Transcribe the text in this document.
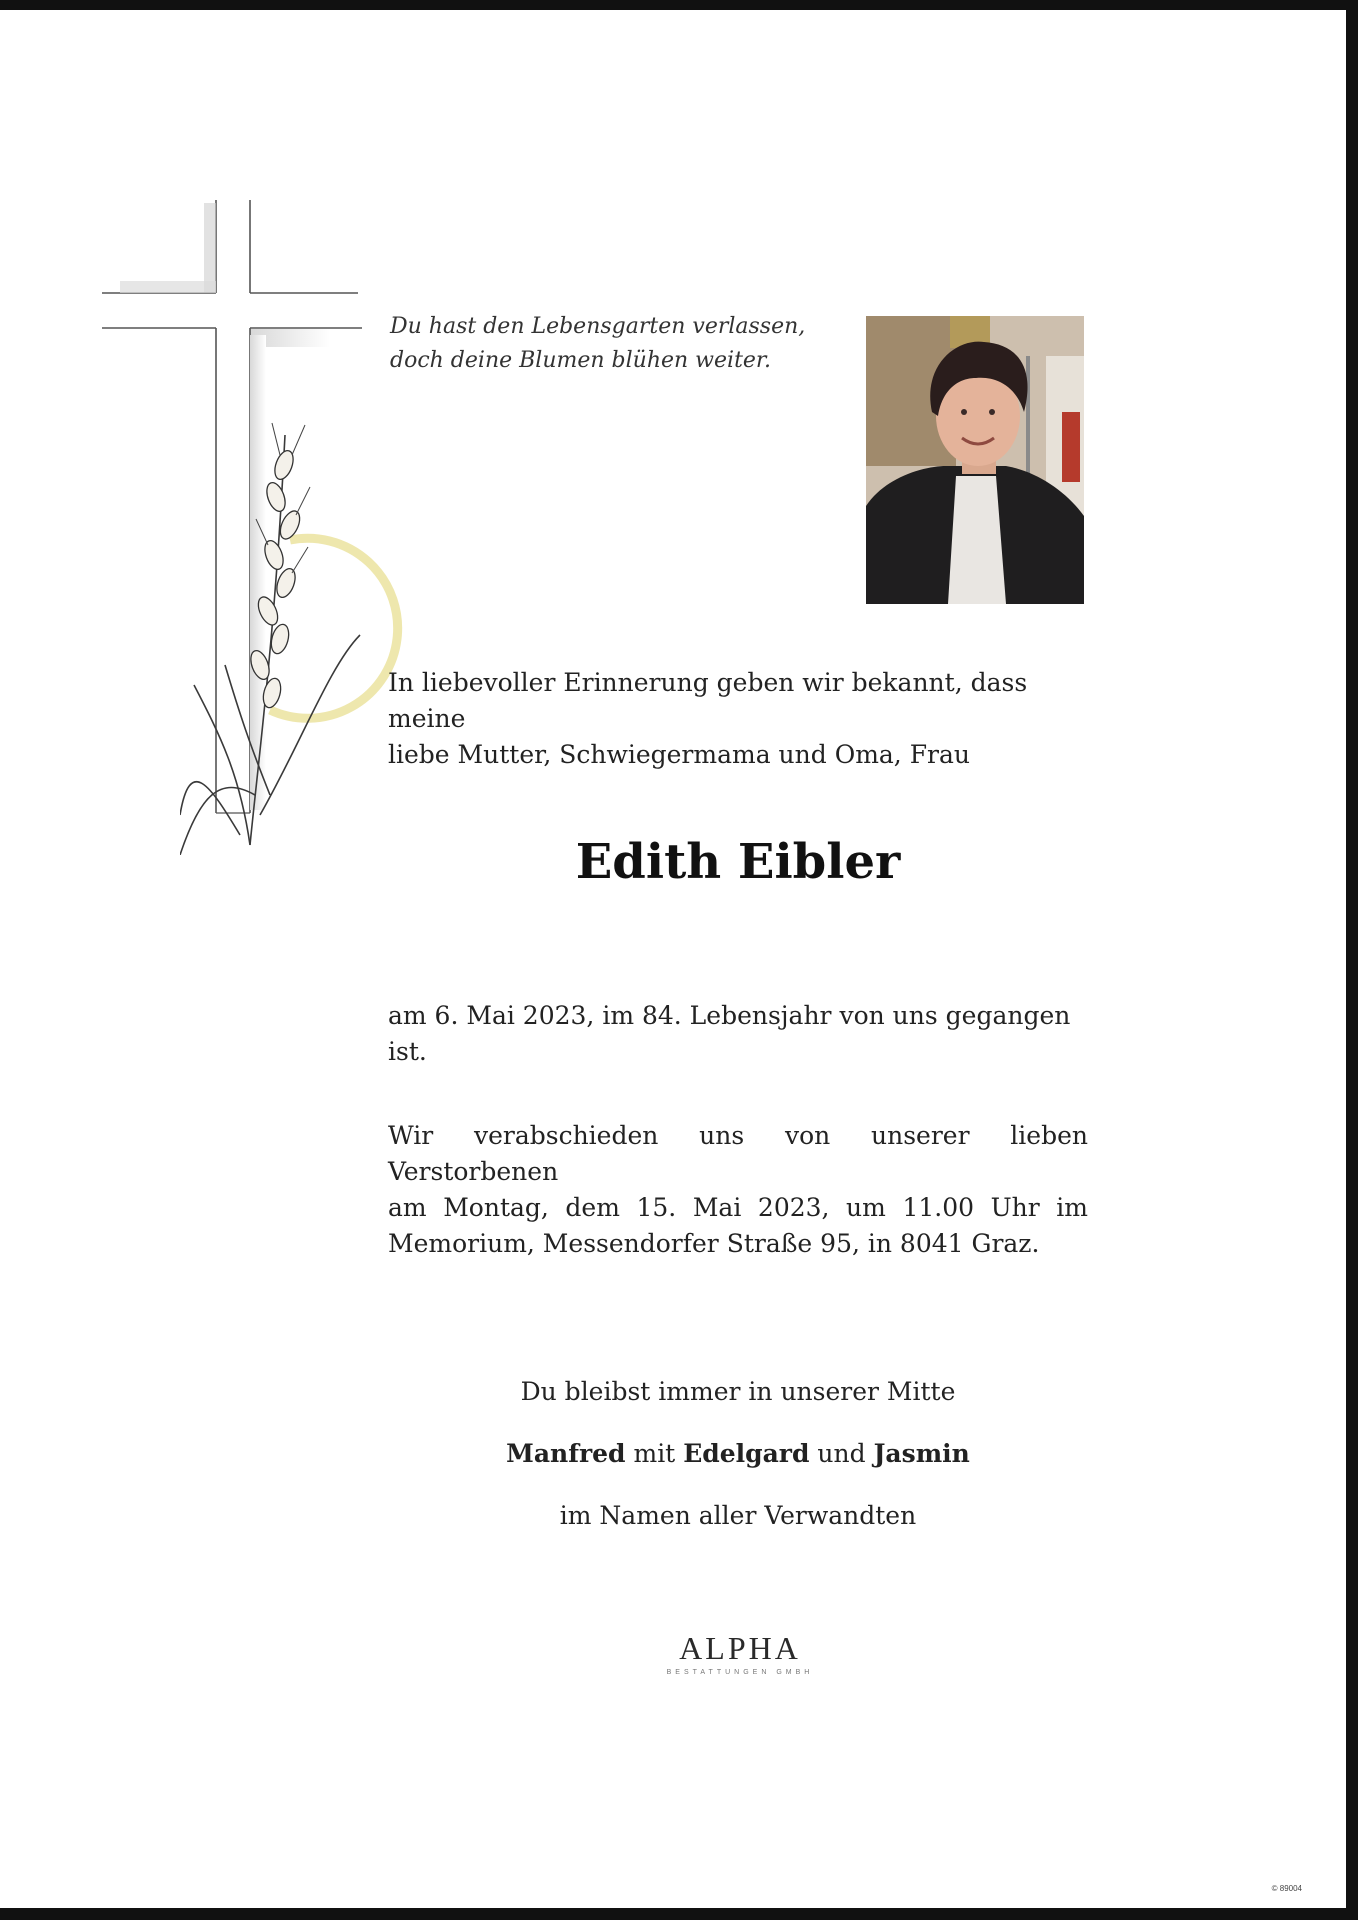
Du hast den Lebensgarten verlassen,
doch deine Blumen blühen weiter.
In liebevoller Erinnerung geben wir bekannt, dass meine
liebe Mutter, Schwiegermama und Oma, Frau
Edith Eibler
am 6. Mai 2023, im 84. Lebensjahr von uns gegangen ist.
Wir verabschieden uns von unserer lieben Verstorbenen
am Montag, dem 15. Mai 2023, um 11.00 Uhr im
Memorium, Messendorfer Straße 95, in 8041 Graz.
Du bleibst immer in unserer Mitte
Manfred mit Edelgard und Jasmin
im Namen aller Verwandten
ALPHA
BESTATTUNGEN GMBH
© 89004
